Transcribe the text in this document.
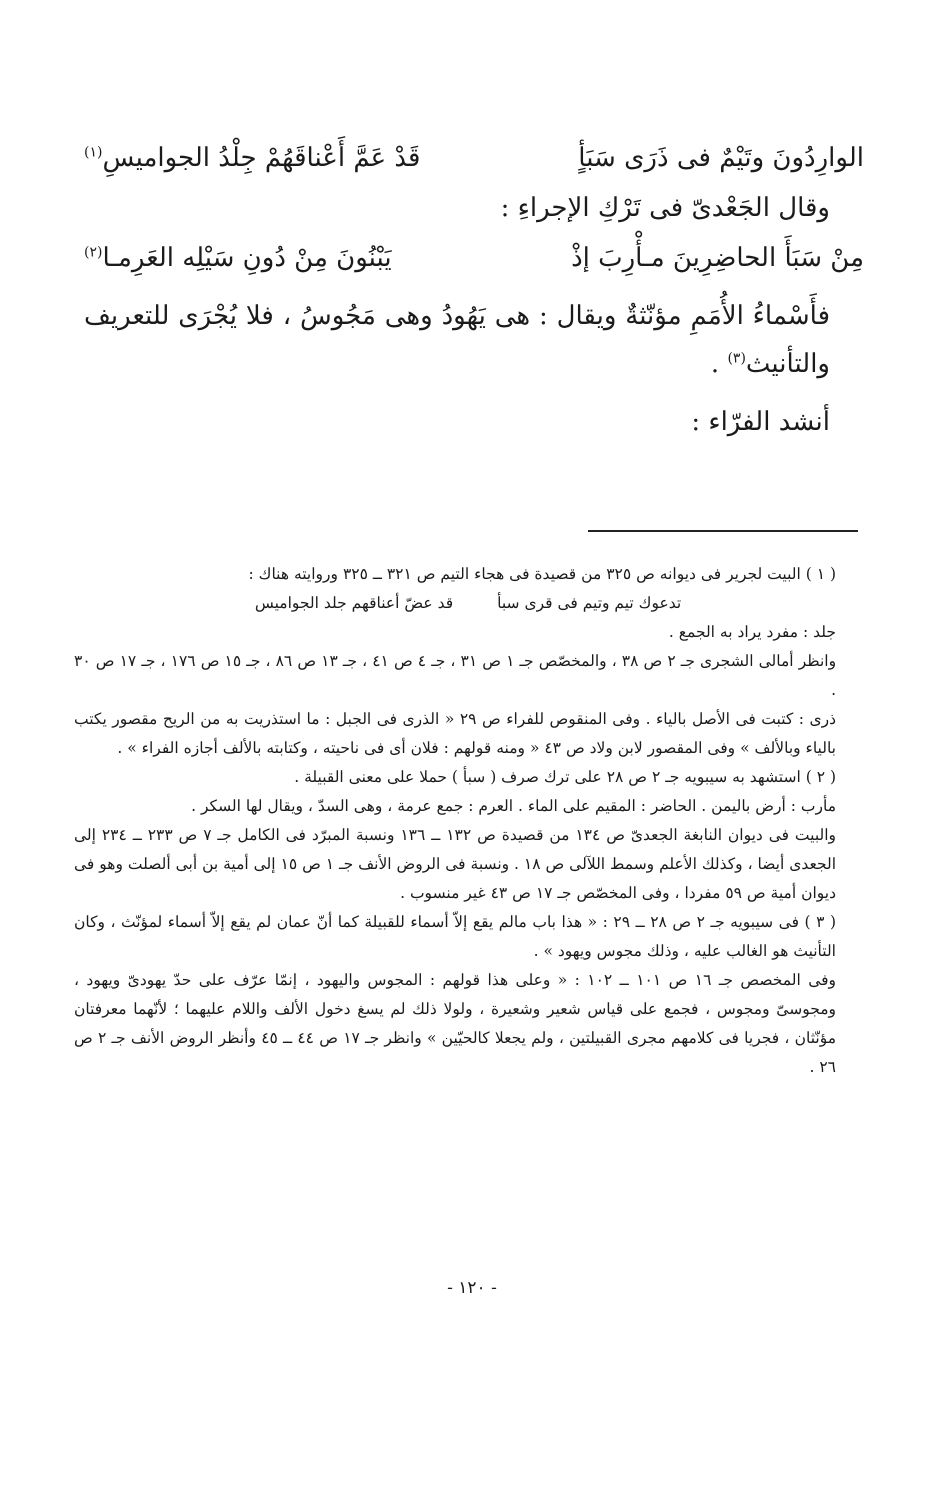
الوارِدُونَ وتَيْمٌ فى ذَرَى سَبَأٍ
قَدْ عَمَّ أَعْناقَهُمْ جِلْدُ الجواميسِ$^{(١)}$
وقال الجَعْدىّ فى تَرْكِ الإجراءِ :
مِنْ سَبَأَ الحاضِرِينَ مـأْرِبَ إذْ
يَبْنُونَ مِنْ دُونِ سَيْلِه العَرِمـا$^{(٢)}$

فأَسْماءُ الأُمَمِ مؤنّثةٌ ويقال : هى يَهُودُ وهى مَجُوسُ ، فلا يُجْرَى للتعريف والتأنيث$^{(٣)}$ .

أنشد الفرّاء :

( ١ ) البيت لجرير فى ديوانه ص ٣٢٥ من قصيدة فى هجاء التيم ص ٣٢١ ــ ٣٢٥ وروايته هناك :

تدعوك تيم وتيم فى قرى سبأ
قد عضّ أعناقهم جلد الجواميس

جلد : مفرد يراد به الجمع .

وانظر أمالى الشجرى جـ ٢ ص ٣٨ ، والمخصّص جـ ١ ص ٣١ ، جـ ٤ ص ٤١ ، جـ ١٣ ص ٨٦ ، جـ ١٥ ص ١٧٦ ، جـ ١٧ ص ٣٠ .

ذرى : كتبت فى الأصل بالياء . وفى المنقوص للفراء ص ٢٩ « الذرى فى الجبل : ما استذريت به من الريح مقصور يكتب بالياء وبالألف » وفى المقصور لابن ولاد ص ٤٣ « ومنه قولهم : فلان أى فى ناحيته ، وكتابته بالألف أجازه الفراء » .

( ٢ ) استشهد به سيبويه جـ ٢ ص ٢٨ على ترك صرف ( سبأ ) حملا على معنى القبيلة .

مأرب : أرض باليمن . الحاضر : المقيم على الماء . العرم : جمع عرمة ، وهى السدّ ، ويقال لها السكر .

والبيت فى ديوان النابغة الجعدىّ ص ١٣٤ من قصيدة ص ١٣٢ ــ ١٣٦ ونسبة المبرّد فى الكامل جـ ٧ ص ٢٣٣ ــ ٢٣٤ إلى الجعدى أيضا ، وكذلك الأعلم وسمط اللآلى ص ١٨ . ونسبة فى الروض الأنف جـ ١ ص ١٥ إلى أمية بن أبى ألصلت وهو فى ديوان أمية ص ٥٩ مفردا ، وفى المخصّص جـ ١٧ ص ٤٣ غير منسوب .

( ٣ ) فى سيبويه جـ ٢ ص ٢٨ ــ ٢٩ : « هذا باب مالم يقع إلاّ أسماء للقبيلة كما أنّ عمان لم يقع إلاّ أسماء لمؤنّث ، وكان التأنيث هو الغالب عليه ، وذلك مجوس ويهود » .

وفى المخصص جـ ١٦ ص ١٠١ ــ ١٠٢ : « وعلى هذا قولهم : المجوس واليهود ، إنمّا عرّف على حدّ يهودىّ ويهود ، ومجوسىّ ومجوس ، فجمع على قياس شعير وشعيرة ، ولولا ذلك لم يسغ دخول الألف واللام عليهما ؛ لأنّهما معرفتان مؤنّثان ، فجريا فى كلامهم مجرى القبيلتين ، ولم يجعلا كالحيّين » وانظر جـ ١٧ ص ٤٤ ــ ٤٥ وأنظر الروض الأنف جـ ٢ ص ٢٦ .

- ١٢٠ -
